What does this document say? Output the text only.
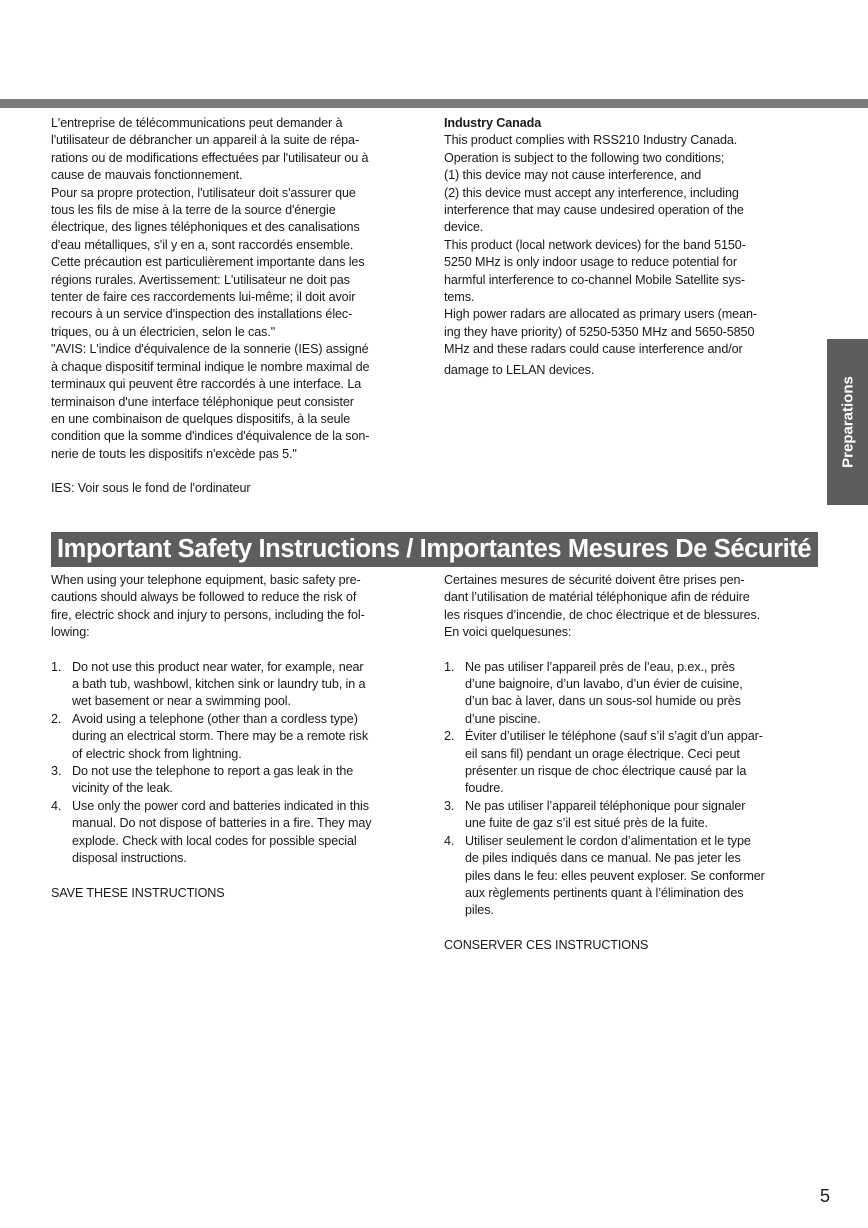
L'entreprise de télécommunications peut demander à

l'utilisateur de débrancher un appareil à la suite de répa-

rations ou de modifications effectuées par l'utilisateur ou à

cause de mauvais fonctionnement.

Pour sa propre protection, l'utilisateur doit s'assurer que

tous les fils de mise à la terre de la source d'énergie

électrique, des lignes téléphoniques et des canalisations

d'eau métalliques, s'il y en a, sont raccordés ensemble.

Cette précaution est particulièrement importante dans les

régions rurales. Avertissement: L'utilisateur ne doit pas

tenter de faire ces raccordements lui-même; il doit avoir

recours à un service d'inspection des installations élec-

triques, ou à un électricien, selon le cas."

"AVIS: L'indice d'équivalence de la sonnerie (IES) assigné

à chaque dispositif terminal indique le nombre maximal de

terminaux qui peuvent être raccordés à une interface. La

terminaison d'une interface téléphonique peut consister

en une combinaison de quelques dispositifs, à la seule

condition que la somme d'indices d'équivalence de la son-

nerie de touts les dispositifs n'excède pas 5."

IES: Voir sous le fond de l'ordinateur

Industry Canada

This product complies with RSS210 Industry Canada.

Operation is subject to the following two conditions;

(1) this device may not cause interference, and

(2) this device must accept any interference, including

interference that may cause undesired operation of the

device.

This product (local network devices) for the band 5150-

5250 MHz is only indoor usage to reduce potential for

harmful interference to co-channel Mobile Satellite sys-

tems.

High power radars are allocated as primary users (mean-

ing they have priority) of 5250-5350 MHz and 5650-5850

MHz and these radars could cause interference and/or

damage to LELAN devices.

Preparations
Important Safety Instructions / Importantes Mesures De Sécurité

When using your telephone equipment, basic safety pre-

cautions should always be followed to reduce the risk of

fire, electric shock and injury to persons, including the fol-

lowing:

1. Do not use this product near water, for example, near

a bath tub, washbowl, kitchen sink or laundry tub, in a

wet basement or near a swimming pool.

2. Avoid using a telephone (other than a cordless type)

during an electrical storm. There may be a remote risk

of electric shock from lightning.

3. Do not use the telephone to report a gas leak in the

vicinity of the leak.

4. Use only the power cord and batteries indicated in this

manual. Do not dispose of batteries in a fire. They may

explode. Check with local codes for possible special

disposal instructions.

SAVE THESE INSTRUCTIONS

Certaines mesures de sécurité doivent être prises pen-

dant l’utilisation de matérial téléphonique afin de réduire

les risques d’incendie, de choc électrique et de blessures.

En voici quelquesunes:

1. Ne pas utiliser l’appareil près de l’eau, p.ex., près

d’une baignoire, d’un lavabo, d’un évier de cuisine,

d’un bac à laver, dans un sous-sol humide ou près

d’une piscine.

2. Éviter d’utiliser le téléphone (sauf s’il s’agit d’un appar-

eil sans fil) pendant un orage électrique. Ceci peut

présenter un risque de choc électrique causé par la

foudre.

3. Ne pas utiliser l’appareil téléphonique pour signaler

une fuite de gaz s’il est situé près de la fuite.

4. Utiliser seulement le cordon d’alimentation et le type

de piles indiqués dans ce manual. Ne pas jeter les

piles dans le feu: elles peuvent exploser. Se conformer

aux règlements pertinents quant à l’élimination des

piles.

CONSERVER CES INSTRUCTIONS

5
